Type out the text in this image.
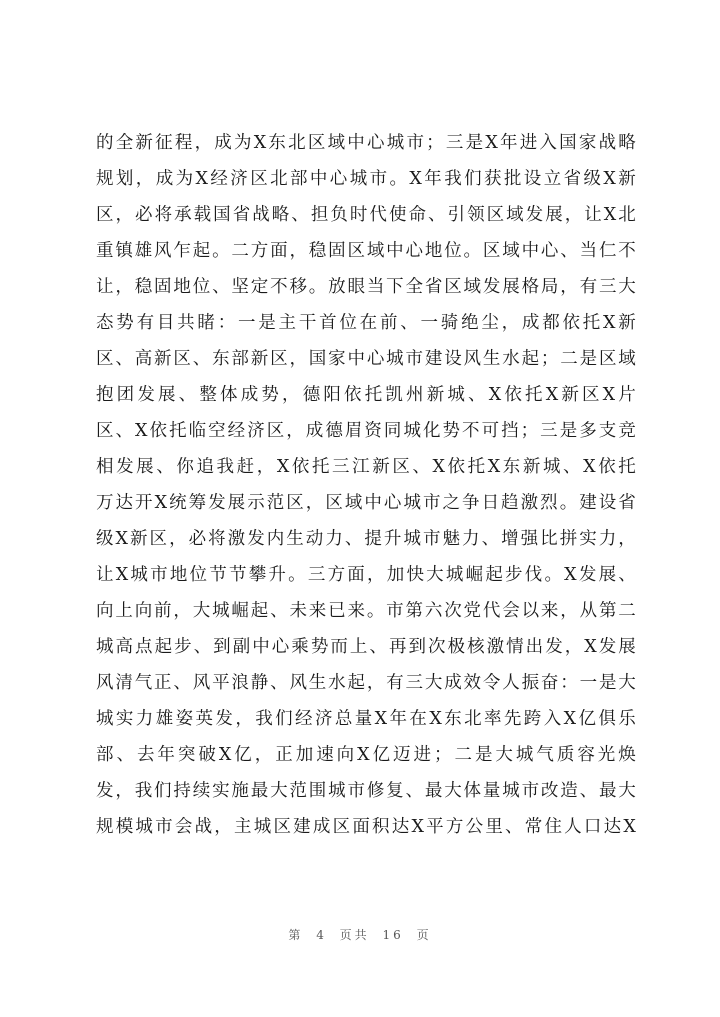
的全新征程，成为X东北区域中心城市；三是X年进入国家战略
规划，成为X经济区北部中心城市。X年我们获批设立省级X新
区，必将承载国省战略、担负时代使命、引领区域发展，让X北
重镇雄风乍起。二方面，稳固区域中心地位。区域中心、当仁不
让，稳固地位、坚定不移。放眼当下全省区域发展格局，有三大
态势有目共睹：一是主干首位在前、一骑绝尘，成都依托X新
区、高新区、东部新区，国家中心城市建设风生水起；二是区域
抱团发展、整体成势，德阳依托凯州新城、X依托X新区X片
区、X依托临空经济区，成德眉资同城化势不可挡；三是多支竞
相发展、你追我赶，X依托三江新区、X依托X东新城、X依托
万达开X统筹发展示范区，区域中心城市之争日趋激烈。建设省
级X新区，必将激发内生动力、提升城市魅力、增强比拼实力，
让X城市地位节节攀升。三方面，加快大城崛起步伐。X发展、
向上向前，大城崛起、未来已来。市第六次党代会以来，从第二
城高点起步、到副中心乘势而上、再到次极核激情出发，X发展
风清气正、风平浪静、风生水起，有三大成效令人振奋：一是大
城实力雄姿英发，我们经济总量X年在X东北率先跨入X亿俱乐
部、去年突破X亿，正加速向X亿迈进；二是大城气质容光焕
发，我们持续实施最大范围城市修复、最大体量城市改造、最大
规模城市会战，主城区建成区面积达X平方公里、常住人口达X
第 4 页共 16 页
